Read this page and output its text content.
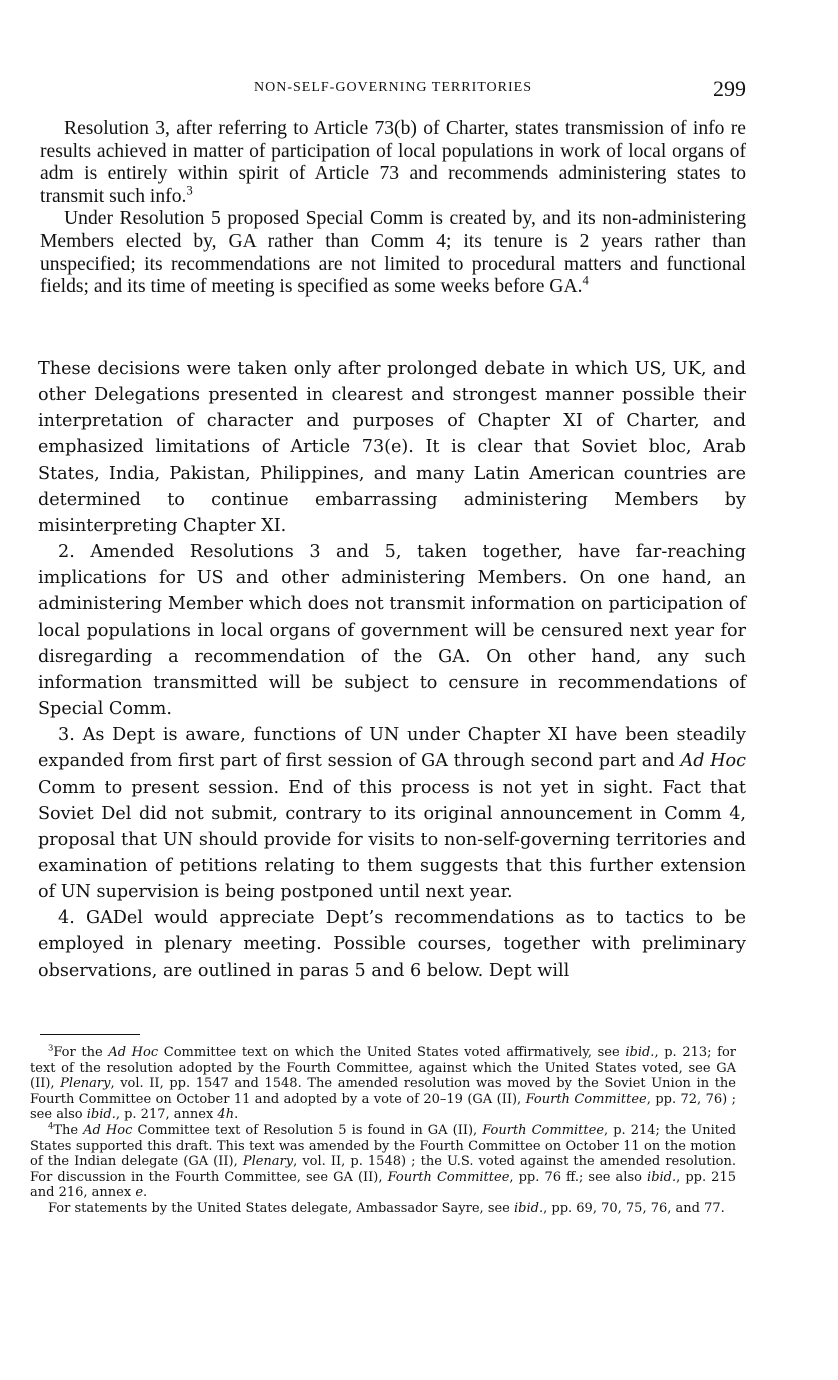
NON-SELF-GOVERNING TERRITORIES	299

Resolution 3, after referring to Article 73(b) of Charter, states transmission of info re results achieved in matter of participation of local populations in work of local organs of adm is entirely within spirit of Article 73 and recommends administering states to transmit such info.$^3$

Under Resolution 5 proposed Special Comm is created by, and its non-administering Members elected by, GA rather than Comm 4; its tenure is 2 years rather than unspecified; its recommendations are not limited to procedural matters and functional fields; and its time of meeting is specified as some weeks before GA.$^4$

These decisions were taken only after prolonged debate in which US, UK, and other Delegations presented in clearest and strongest manner possible their interpretation of character and purposes of Chapter XI of Charter, and emphasized limitations of Article 73(e). It is clear that Soviet bloc, Arab States, India, Pakistan, Philippines, and many Latin American countries are determined to continue embarrassing administering Members by misinterpreting Chapter XI.

2. Amended Resolutions 3 and 5, taken together, have far-reaching implications for US and other administering Members. On one hand, an administering Member which does not transmit information on participation of local populations in local organs of government will be censured next year for disregarding a recommendation of the GA. On other hand, any such information transmitted will be subject to censure in recommendations of Special Comm.

3. As Dept is aware, functions of UN under Chapter XI have been steadily expanded from first part of first session of GA through second part and Ad Hoc Comm to present session. End of this process is not yet in sight. Fact that Soviet Del did not submit, contrary to its original announcement in Comm 4, proposal that UN should provide for visits to non-self-governing territories and examination of petitions relating to them suggests that this further extension of UN supervision is being postponed until next year.

4. GADel would appreciate Dept’s recommendations as to tactics to be employed in plenary meeting. Possible courses, together with preliminary observations, are outlined in paras 5 and 6 below. Dept will

$^3$For the Ad Hoc Committee text on which the United States voted affirmatively, see ibid., p. 213; for text of the resolution adopted by the Fourth Committee, against which the United States voted, see GA (II), Plenary, vol. II, pp. 1547 and 1548. The amended resolution was moved by the Soviet Union in the Fourth Committee on October 11 and adopted by a vote of 20–19 (GA (II), Fourth Committee, pp. 72, 76) ; see also ibid., p. 217, annex 4h.

$^4$The Ad Hoc Committee text of Resolution 5 is found in GA (II), Fourth Committee, p. 214; the United States supported this draft. This text was amended by the Fourth Committee on October 11 on the motion of the Indian delegate (GA (II), Plenary, vol. II, p. 1548) ; the U.S. voted against the amended resolution. For discussion in the Fourth Committee, see GA (II), Fourth Committee, pp. 76 ff.; see also ibid., pp. 215 and 216, annex e.

For statements by the United States delegate, Ambassador Sayre, see ibid., pp. 69, 70, 75, 76, and 77.
